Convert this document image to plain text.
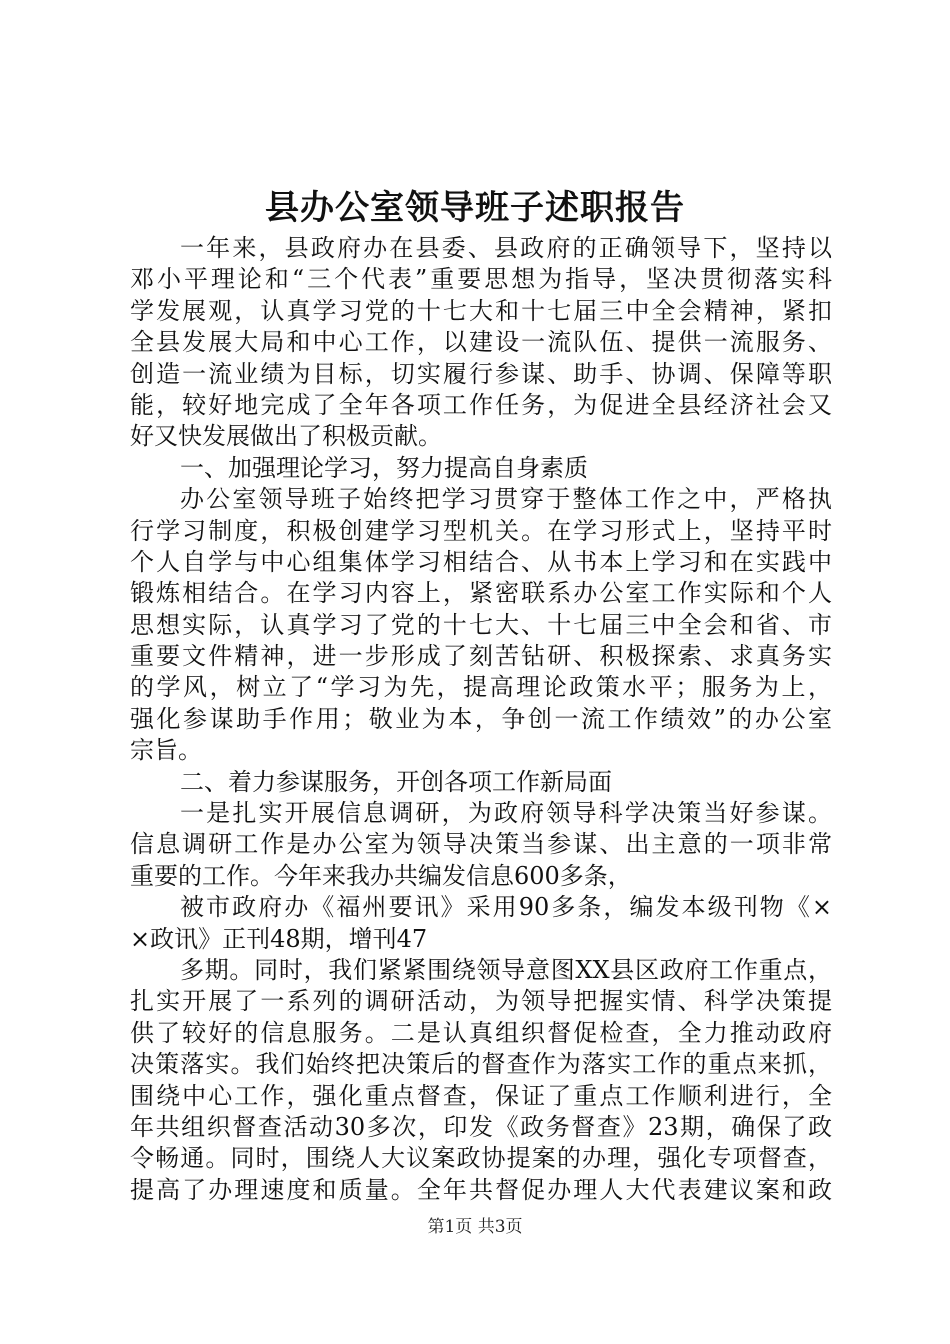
县办公室领导班子述职报告
一年来，县政府办在县委、县政府的正确领导下，坚持以
邓小平理论和“三个代表”重要思想为指导，坚决贯彻落实科
学发展观，认真学习党的十七大和十七届三中全会精神，紧扣
全县发展大局和中心工作，以建设一流队伍、提供一流服务、
创造一流业绩为目标，切实履行参谋、助手、协调、保障等职
能，较好地完成了全年各项工作任务，为促进全县经济社会又
好又快发展做出了积极贡献。
一、加强理论学习，努力提高自身素质
办公室领导班子始终把学习贯穿于整体工作之中，严格执
行学习制度，积极创建学习型机关。在学习形式上，坚持平时
个人自学与中心组集体学习相结合、从书本上学习和在实践中
锻炼相结合。在学习内容上，紧密联系办公室工作实际和个人
思想实际，认真学习了党的十七大、十七届三中全会和省、市
重要文件精神，进一步形成了刻苦钻研、积极探索、求真务实
的学风，树立了“学习为先，提高理论政策水平；服务为上，
强化参谋助手作用；敬业为本，争创一流工作绩效”的办公室
宗旨。
二、着力参谋服务，开创各项工作新局面
一是扎实开展信息调研，为政府领导科学决策当好参谋。
信息调研工作是办公室为领导决策当参谋、出主意的一项非常
重要的工作。今年来我办共编发信息600多条，
被市政府办《福州要讯》采用90多条，编发本级刊物《×
×政讯》正刊48期，增刊47
多期。同时，我们紧紧围绕领导意图XX县区政府工作重点，
扎实开展了一系列的调研活动，为领导把握实情、科学决策提
供了较好的信息服务。二是认真组织督促检查，全力推动政府
决策落实。我们始终把决策后的督查作为落实工作的重点来抓，
围绕中心工作，强化重点督查，保证了重点工作顺利进行，全
年共组织督查活动30多次，印发《政务督查》23期，确保了政
令畅通。同时，围绕人大议案政协提案的办理，强化专项督查，
提高了办理速度和质量。全年共督促办理人大代表建议案和政
第1页 共3页
